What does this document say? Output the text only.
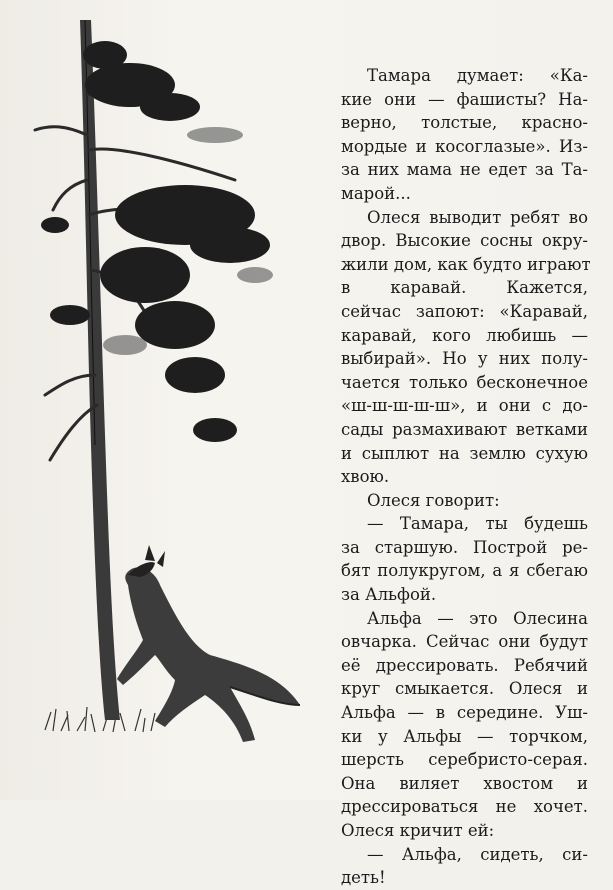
Тамара думает: «Ка-
кие они — фашисты? На-
верно, толстые, красно-
мордые и косоглазые». Из-
за них мама не едет за Та-
марой...
Олеся выводит ребят во
двор. Высокие сосны окру-
жили дом, как будто играют
в каравай. Кажется,
сейчас запоют: «Каравай,
каравай, кого любишь —
выбирай». Но у них полу-
чается только бесконечное
«ш-ш-ш-ш-ш», и они с до-
сады размахивают ветками
и сыплют на землю сухую
хвою.
Олеся говорит:
— Тамара, ты будешь
за старшую. Построй ре-
бят полукругом, а я сбегаю
за Альфой.
Альфа — это Олесина
овчарка. Сейчас они будут
её дрессировать. Ребячий
круг смыкается. Олеся и
Альфа — в середине. Уш-
ки у Альфы — торчком,
шерсть серебристо-серая.
Она виляет хвостом и
дрессироваться не хочет.
Олеся кричит ей:
— Альфа, сидеть, си-
деть!
